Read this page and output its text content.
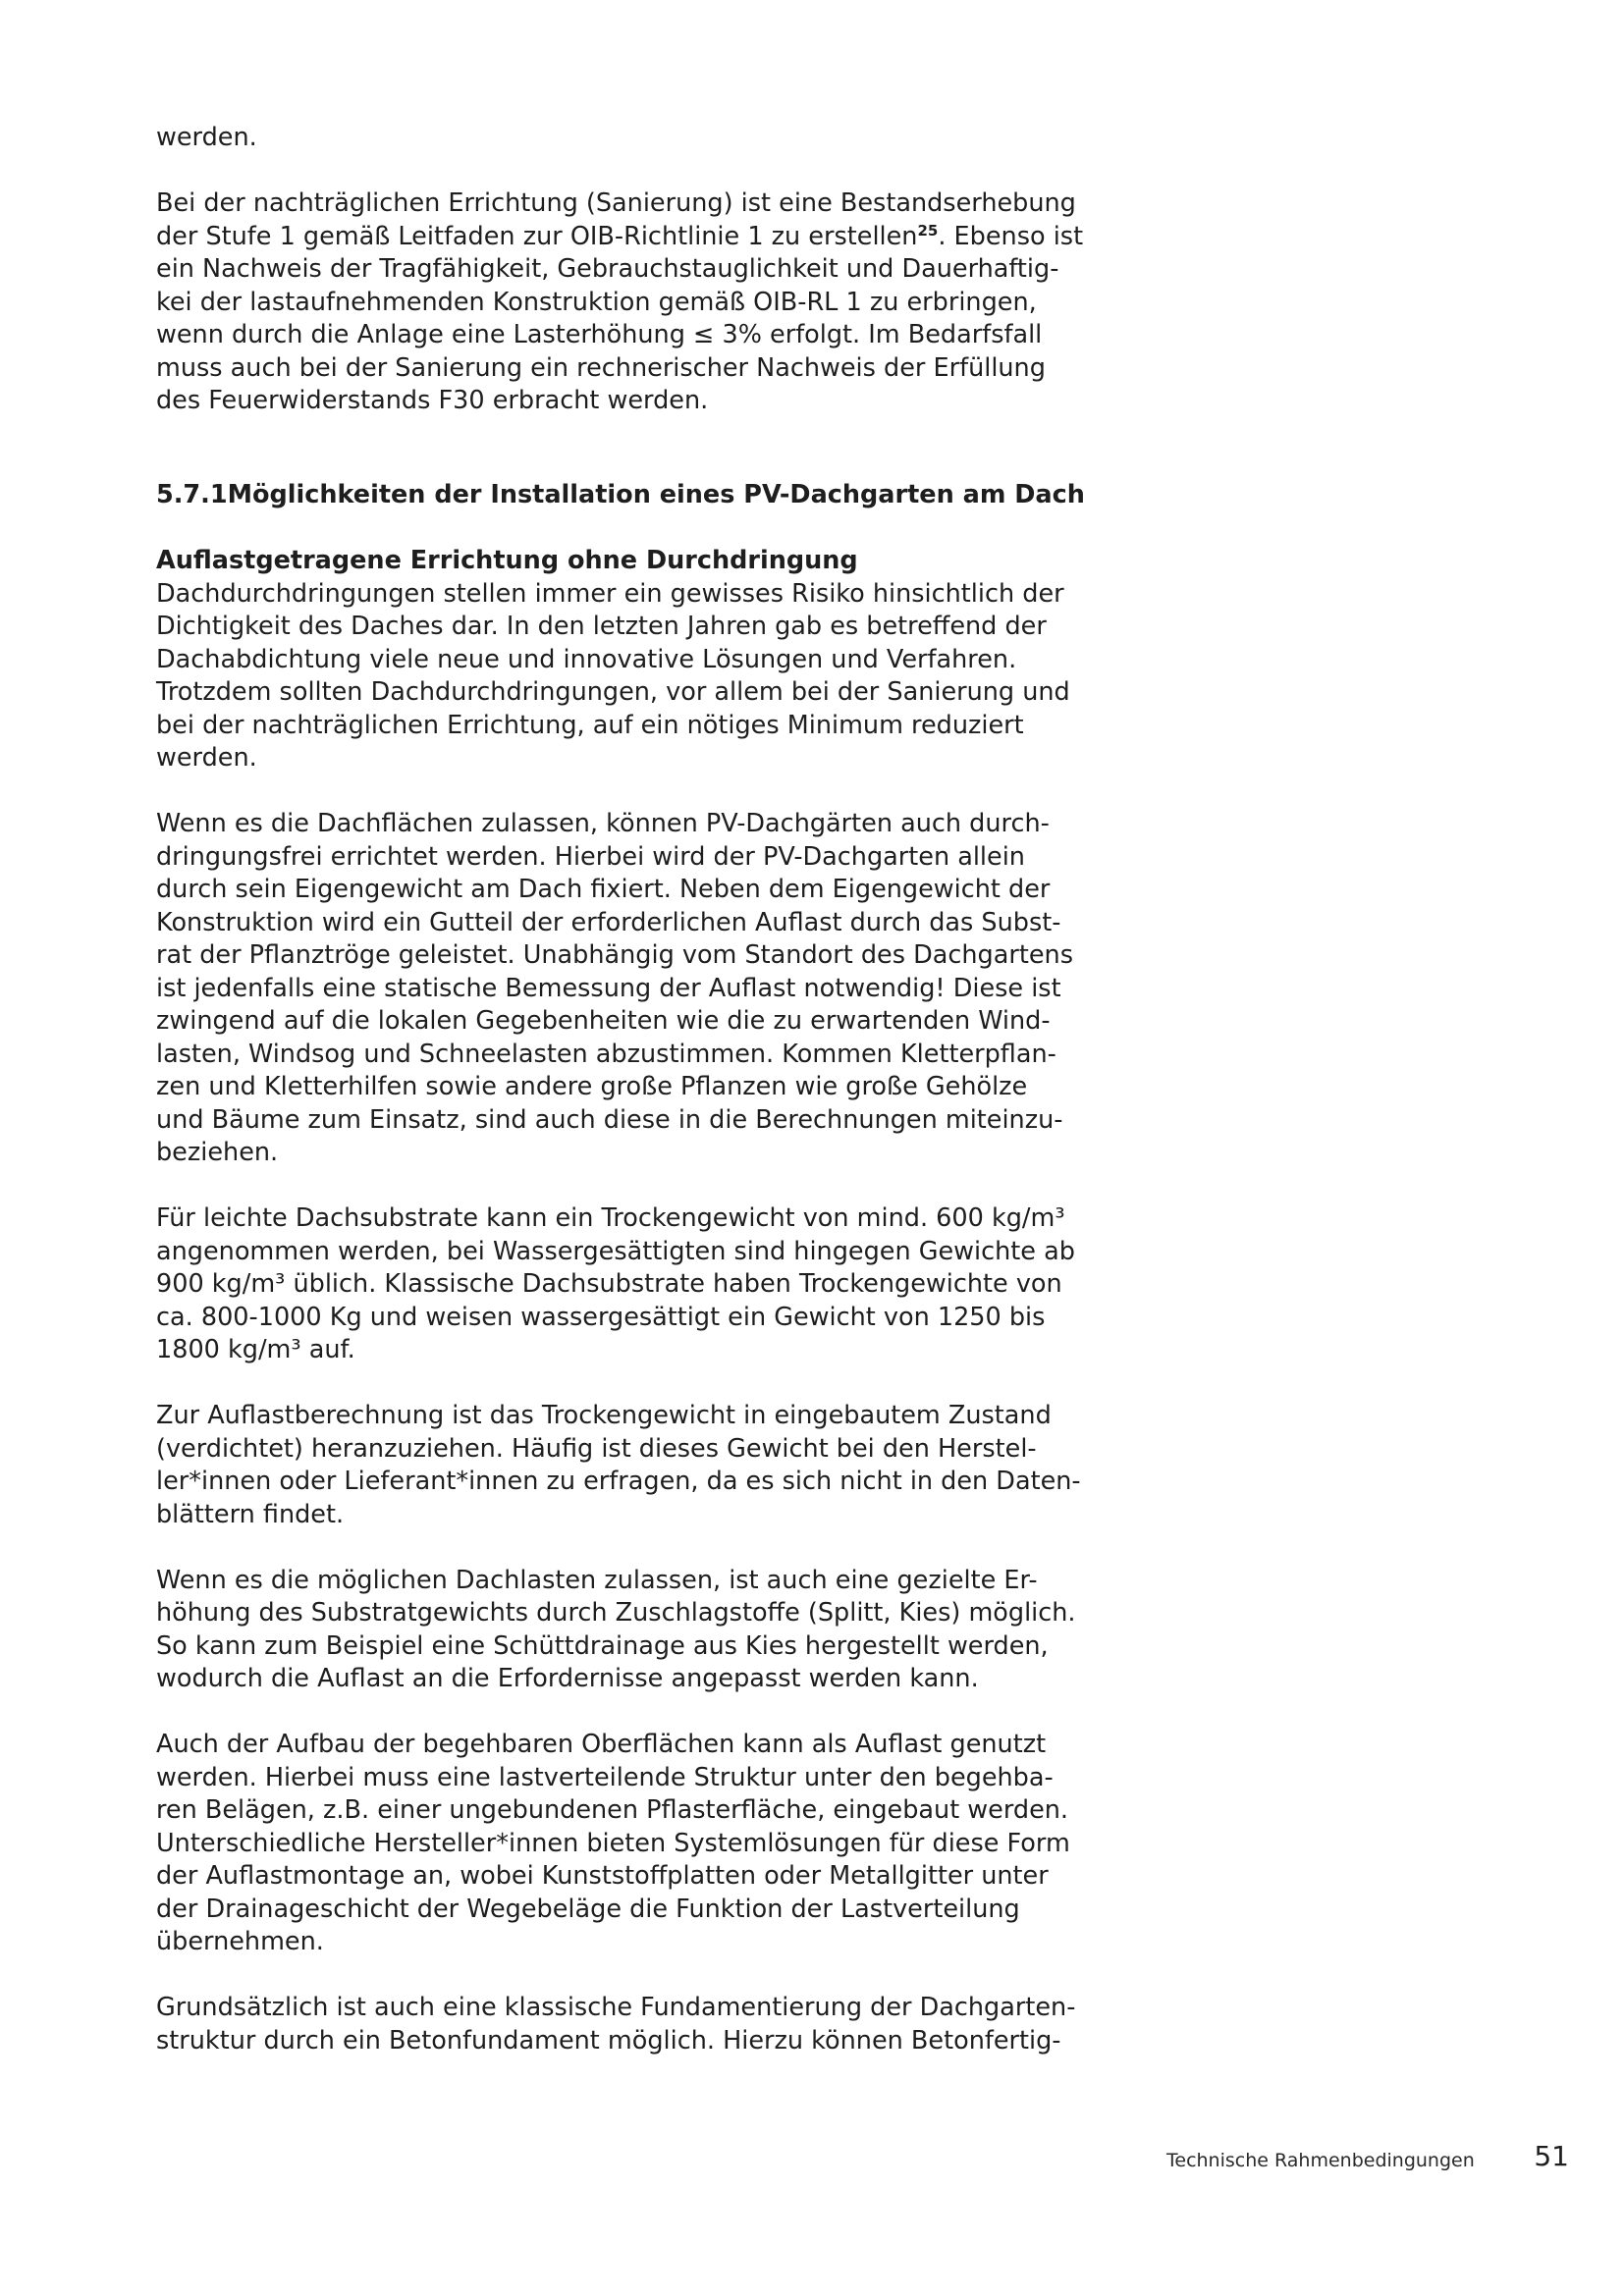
werden.
Bei der nachträglichen Errichtung (Sanierung) ist eine Bestandserhebung
der Stufe 1 gemäß Leitfaden zur OIB-Richtlinie 1 zu erstellen$^{25}$. Ebenso ist
ein Nachweis der Tragfähigkeit, Gebrauchstauglichkeit und Dauerhaftig-
kei der lastaufnehmenden Konstruktion gemäß OIB-RL 1 zu erbringen,
wenn durch die Anlage eine Lasterhöhung ≤ 3% erfolgt. Im Bedarfsfall
muss auch bei der Sanierung ein rechnerischer Nachweis der Erfüllung
des Feuerwiderstands F30 erbracht werden.
5.7.1 Möglichkeiten der Installation eines PV-Dachgarten am Dach
Auflastgetragene Errichtung ohne Durchdringung
Dachdurchdringungen stellen immer ein gewisses Risiko hinsichtlich der
Dichtigkeit des Daches dar. In den letzten Jahren gab es betreffend der
Dachabdichtung viele neue und innovative Lösungen und Verfahren.
Trotzdem sollten Dachdurchdringungen, vor allem bei der Sanierung und
bei der nachträglichen Errichtung, auf ein nötiges Minimum reduziert
werden.
Wenn es die Dachflächen zulassen, können PV-Dachgärten auch durch-
dringungsfrei errichtet werden. Hierbei wird der PV-Dachgarten allein
durch sein Eigengewicht am Dach fixiert. Neben dem Eigengewicht der
Konstruktion wird ein Gutteil der erforderlichen Auflast durch das Subst-
rat der Pflanztröge geleistet. Unabhängig vom Standort des Dachgartens
ist jedenfalls eine statische Bemessung der Auflast notwendig! Diese ist
zwingend auf die lokalen Gegebenheiten wie die zu erwartenden Wind-
lasten, Windsog und Schneelasten abzustimmen. Kommen Kletterpflan-
zen und Kletterhilfen sowie andere große Pflanzen wie große Gehölze
und Bäume zum Einsatz, sind auch diese in die Berechnungen miteinzu-
beziehen.
Für leichte Dachsubstrate kann ein Trockengewicht von mind. 600 kg/m³
angenommen werden, bei Wassergesättigten sind hingegen Gewichte ab
900 kg/m³ üblich. Klassische Dachsubstrate haben Trockengewichte von
ca. 800-1000 Kg und weisen wassergesättigt ein Gewicht von 1250 bis
1800 kg/m³ auf.
Zur Auflastberechnung ist das Trockengewicht in eingebautem Zustand
(verdichtet) heranzuziehen. Häufig ist dieses Gewicht bei den Herstel-
ler*innen oder Lieferant*innen zu erfragen, da es sich nicht in den Daten-
blättern findet.
Wenn es die möglichen Dachlasten zulassen, ist auch eine gezielte Er-
höhung des Substratgewichts durch Zuschlagstoffe (Splitt, Kies) möglich.
So kann zum Beispiel eine Schüttdrainage aus Kies hergestellt werden,
wodurch die Auflast an die Erfordernisse angepasst werden kann.
Auch der Aufbau der begehbaren Oberflächen kann als Auflast genutzt
werden. Hierbei muss eine lastverteilende Struktur unter den begehba-
ren Belägen, z.B. einer ungebundenen Pflasterfläche, eingebaut werden.
Unterschiedliche Hersteller*innen bieten Systemlösungen für diese Form
der Auflastmontage an, wobei Kunststoffplatten oder Metallgitter unter
der Drainageschicht der Wegebeläge die Funktion der Lastverteilung
übernehmen.
Grundsätzlich ist auch eine klassische Fundamentierung der Dachgarten-
struktur durch ein Betonfundament möglich. Hierzu können Betonfertig-
Technische Rahmenbedingungen	51
